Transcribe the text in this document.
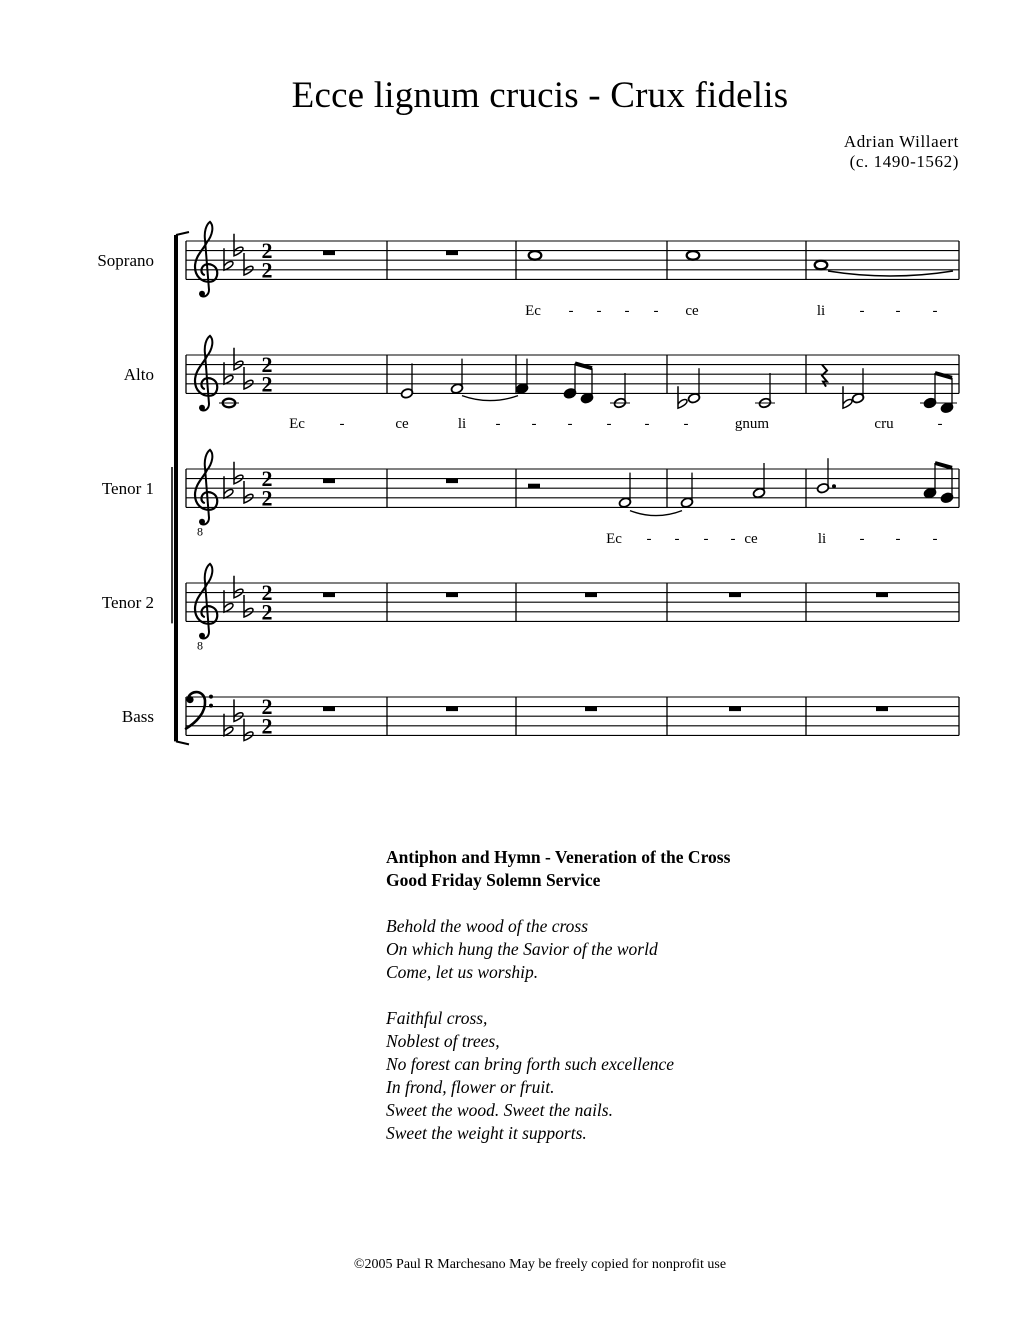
Ecce lignum crucis - Crux fidelis
Adrian Willaert
(c. 1490-1562)
Soprano	2
2
Alto	2
2
Tenor 1
8
2
2
Tenor 2
8
2
2
Bass	2
2
Ec - - - - ce	li - - -
Ec - - - - ce	li - - -
Ec -	ce	li - - - - - -	gnum	cru	-
Antiphon and Hymn - Veneration of the Cross
Good Friday Solemn Service
Behold the wood of the cross
On which hung the Savior of the world
Come, let us worship.
Faithful cross,
Noblest of trees,
No forest can bring forth such excellence
In frond, flower or fruit.
Sweet the wood. Sweet the nails.
Sweet the weight it supports.
©2005 Paul R Marchesano May be freely copied for nonprofit use
